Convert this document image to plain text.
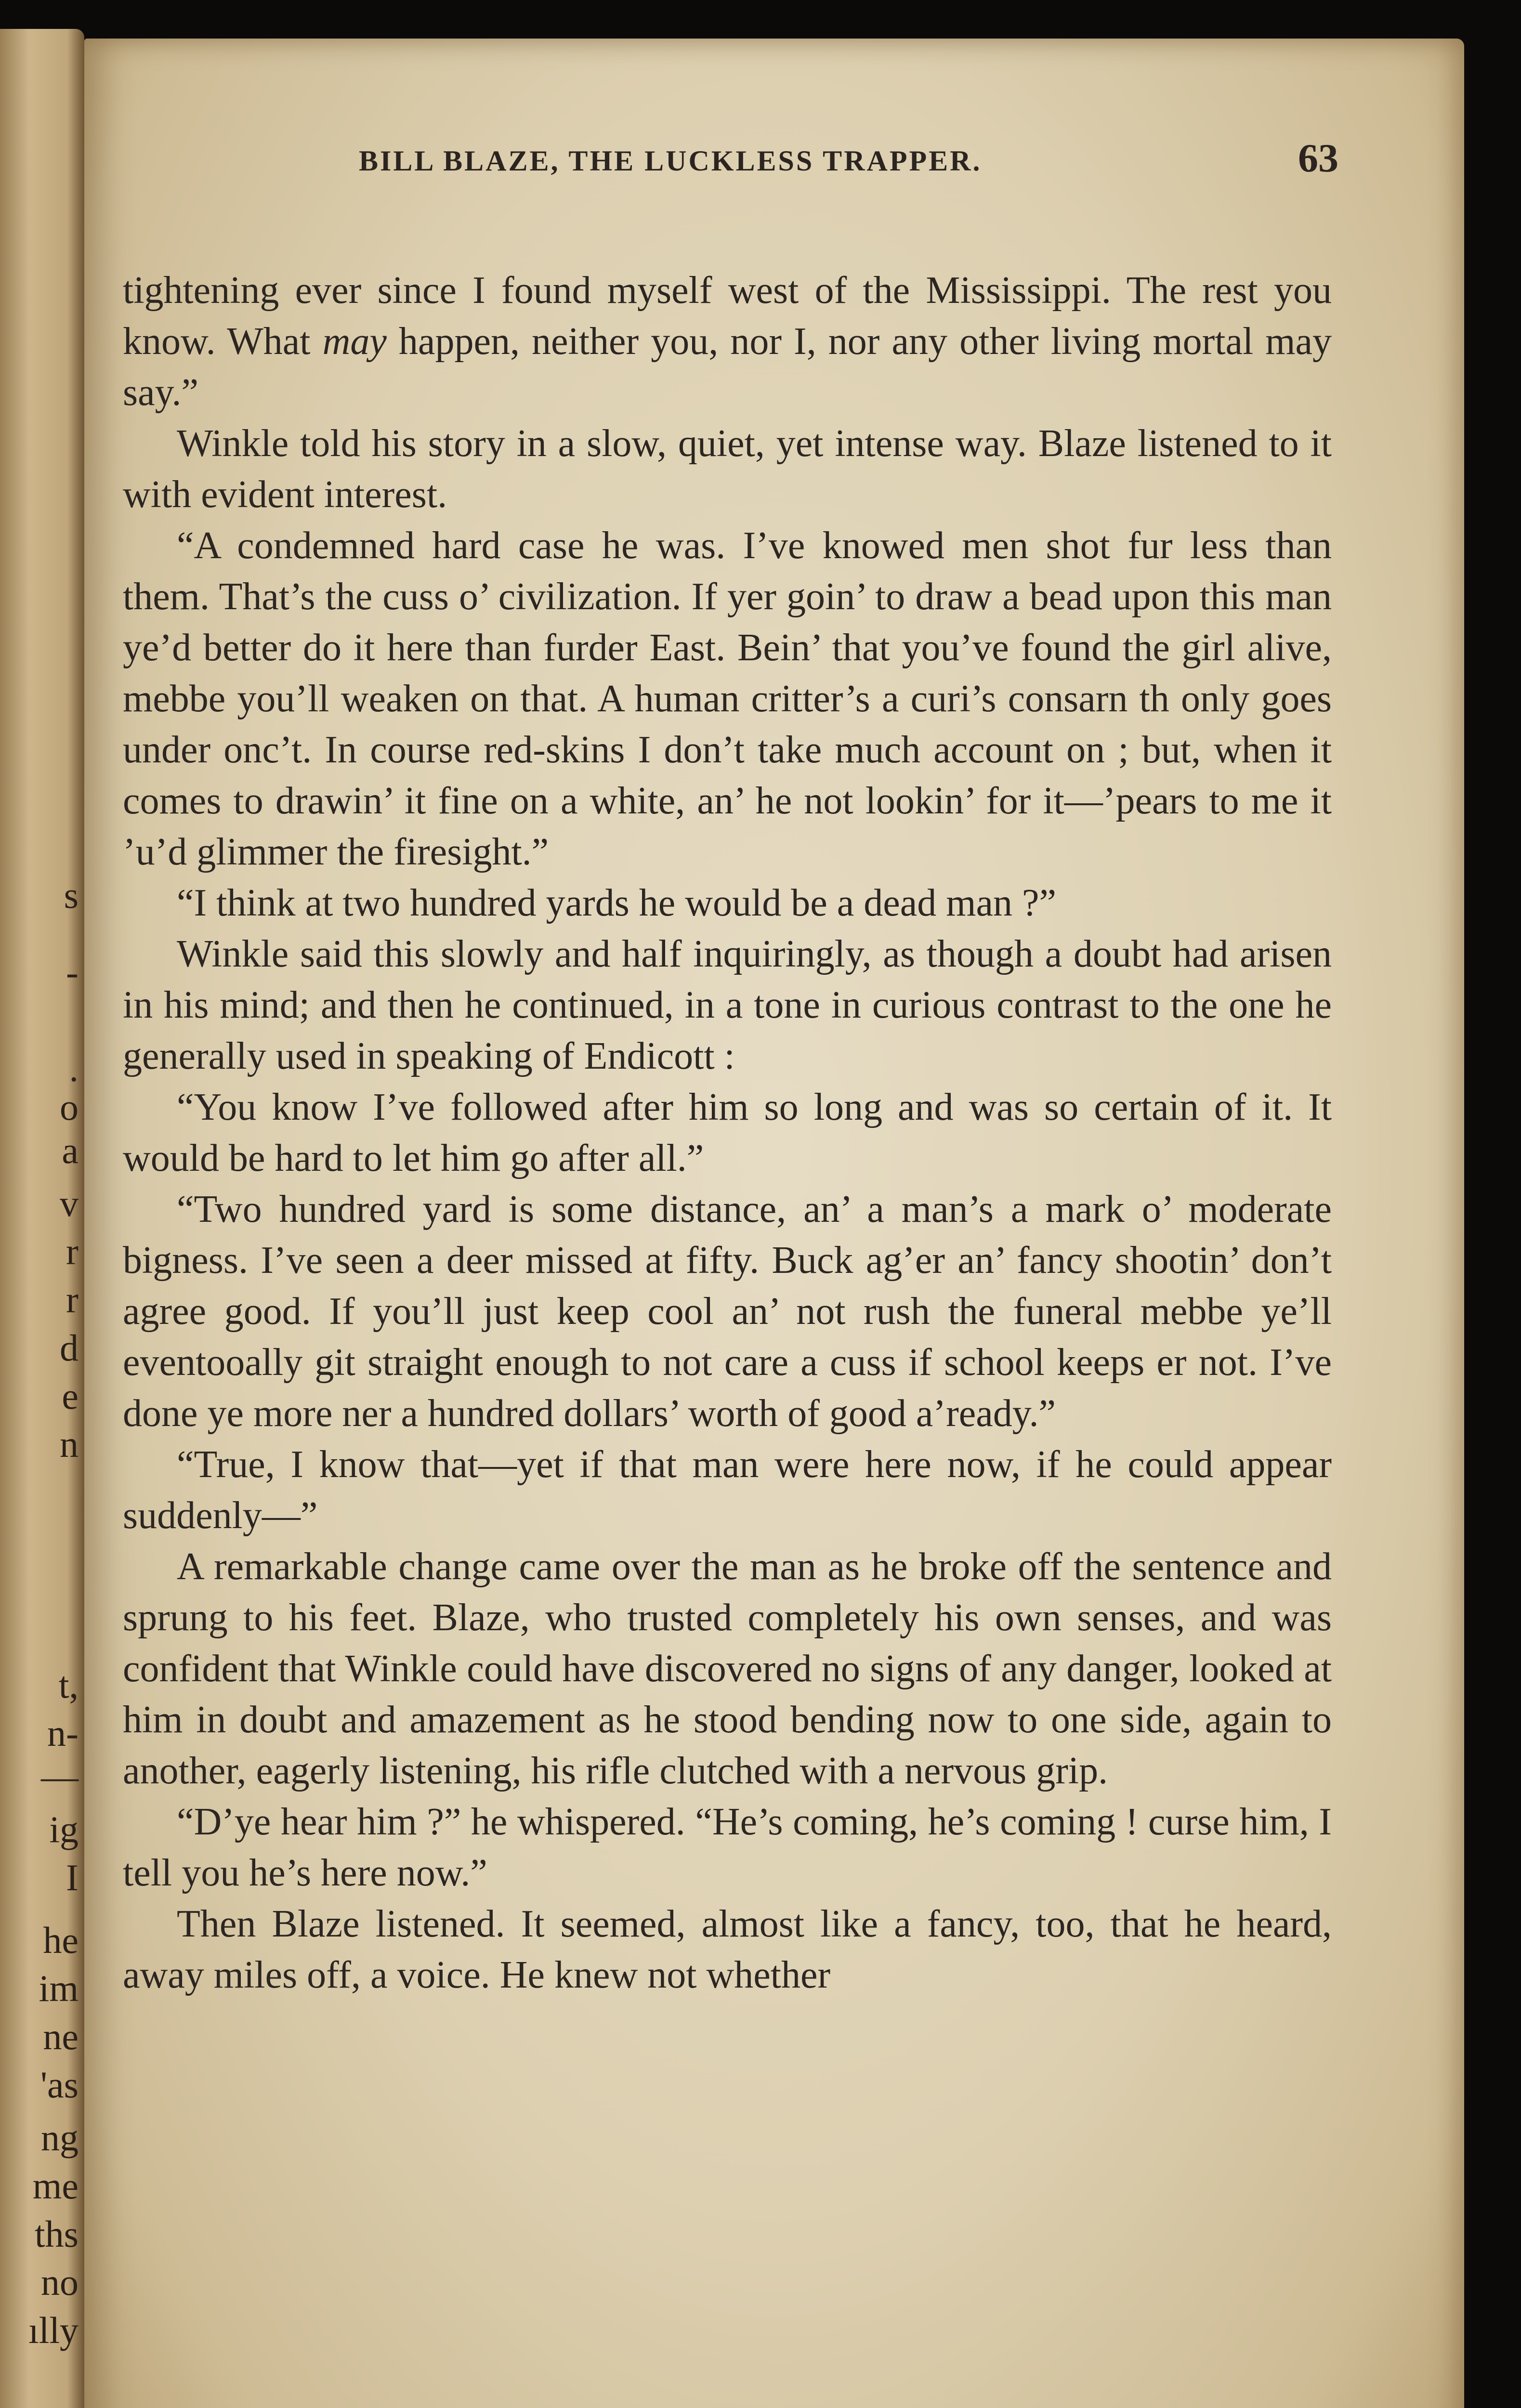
s
-
.
o
a
v
r
r
d
e
n
t,
n-
—
ig
I
he
im
ne
'as
ng
me
ths
no
ılly
BILL BLAZE, THE LUCKLESS TRAPPER.	63

tightening ever since I found myself west of the Mississippi. The rest you know. What may happen, neither you, nor I, nor any other living mortal may say.”

Winkle told his story in a slow, quiet, yet intense way. Blaze listened to it with evident interest.

“A condemned hard case he was. I’ve knowed men shot fur less than them. That’s the cuss o’ civilization. If yer goin’ to draw a bead upon this man ye’d better do it here than furder East. Bein’ that you’ve found the girl alive, mebbe you’ll weaken on that. A human critter’s a curi’s consarn th only goes under onc’t. In course red-skins I don’t take much account on ; but, when it comes to drawin’ it fine on a white, an’ he not lookin’ for it—’pears to me it ’u’d glimmer the firesight.”

“I think at two hundred yards he would be a dead man ?”

Winkle said this slowly and half inquiringly, as though a doubt had arisen in his mind; and then he continued, in a tone in curious contrast to the one he generally used in speaking of Endicott :

“You know I’ve followed after him so long and was so certain of it. It would be hard to let him go after all.”

“Two hundred yard is some distance, an’ a man’s a mark o’ moderate bigness. I’ve seen a deer missed at fifty. Buck ag’er an’ fancy shootin’ don’t agree good. If you’ll just keep cool an’ not rush the funeral mebbe ye’ll eventooally git straight enough to not care a cuss if school keeps er not. I’ve done ye more ner a hundred dollars’ worth of good a’ready.”

“True, I know that—yet if that man were here now, if he could appear suddenly—”

A remarkable change came over the man as he broke off the sentence and sprung to his feet. Blaze, who trusted completely his own senses, and was confident that Winkle could have discovered no signs of any danger, looked at him in doubt and amazement as he stood bending now to one side, again to another, eagerly listening, his rifle clutched with a nervous grip.

“D’ye hear him ?” he whispered. “He’s coming, he’s coming ! curse him, I tell you he’s here now.”

Then Blaze listened. It seemed, almost like a fancy, too, that he heard, away miles off, a voice. He knew not whether
